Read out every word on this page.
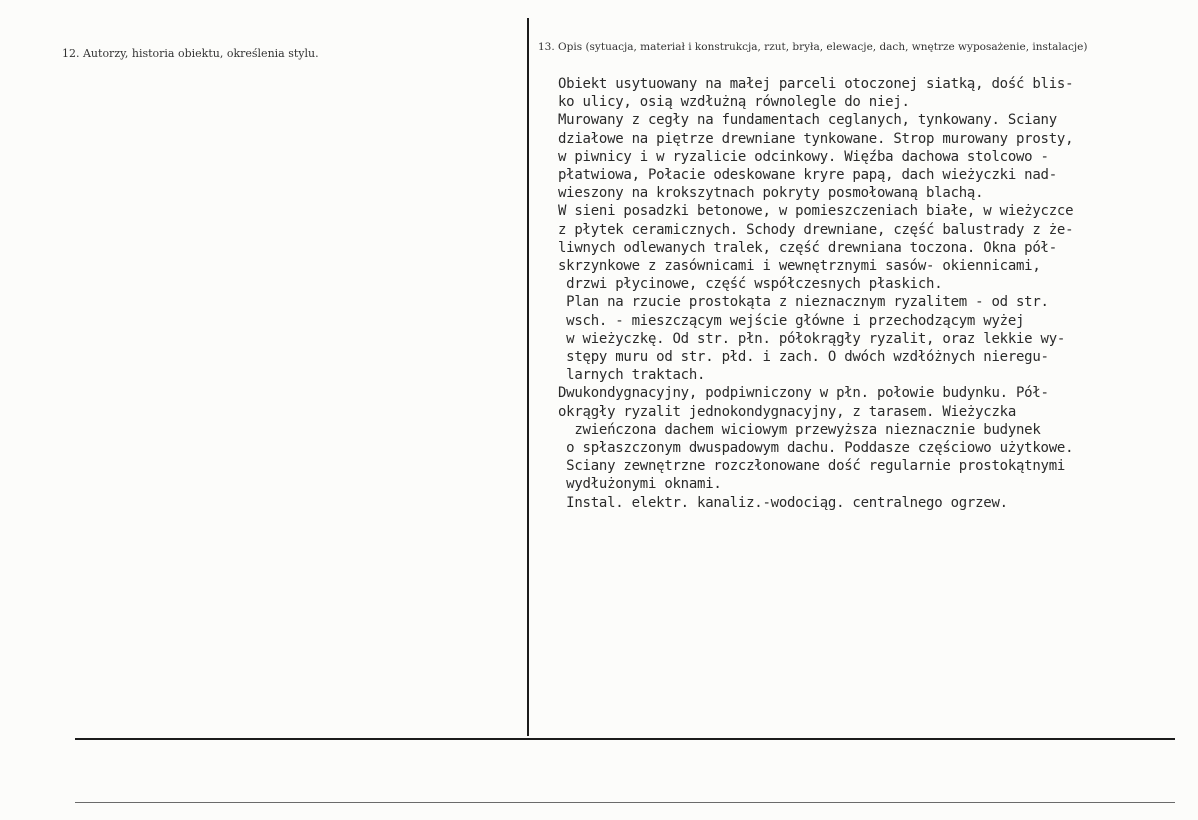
12. Autorzy, historia obiektu, określenia stylu.	13. Opis (sytuacja, materiał i konstrukcja, rzut, bryła, elewacje, dach, wnętrze wyposażenie, instalacje)
Obiekt usytuowany na małej parceli otoczonej siatką, dość blis-
ko ulicy, osią wzdłużną równolegle do niej.
Murowany z cegły na fundamentach ceglanych, tynkowany. Sciany
działowe na piętrze drewniane tynkowane. Strop murowany prosty,
w piwnicy i w ryzalicie odcinkowy. Więźba dachowa stolcowo -
płatwiowa, Połacie odeskowane kryre papą, dach wieżyczki nad-
wieszony na krokszytnach pokryty posmołowaną blachą.
W sieni posadzki betonowe, w pomieszczeniach białe, w wieżyczce
z płytek ceramicznych. Schody drewniane, część balustrady z że-
liwnych odlewanych tralek, część drewniana toczona. Okna pół-
skrzynkowe z zasównicami i wewnętrznymi sasów- okiennicami,
drzwi płycinowe, część współczesnych płaskich.
Plan na rzucie prostokąta z nieznacznym ryzalitem - od str.
wsch. - mieszczącym wejście główne i przechodzącym wyżej
w wieżyczkę. Od str. płn. półokrągły ryzalit, oraz lekkie wy-
stępy muru od str. płd. i zach. O dwóch wzdłóżnych nieregu-
larnych traktach.
Dwukondygnacyjny, podpiwniczony w płn. połowie budynku. Pół-
okrągły ryzalit jednokondygnacyjny, z tarasem. Wieżyczka
zwieńczona dachem wiciowym przewyższa nieznacznie budynek
o spłaszczonym dwuspadowym dachu. Poddasze częściowo użytkowe.
Sciany zewnętrzne rozczłonowane dość regularnie prostokątnymi
wydłużonymi oknami.
Instal. elektr. kanaliz.-wodociąg. centralnego ogrzew.
